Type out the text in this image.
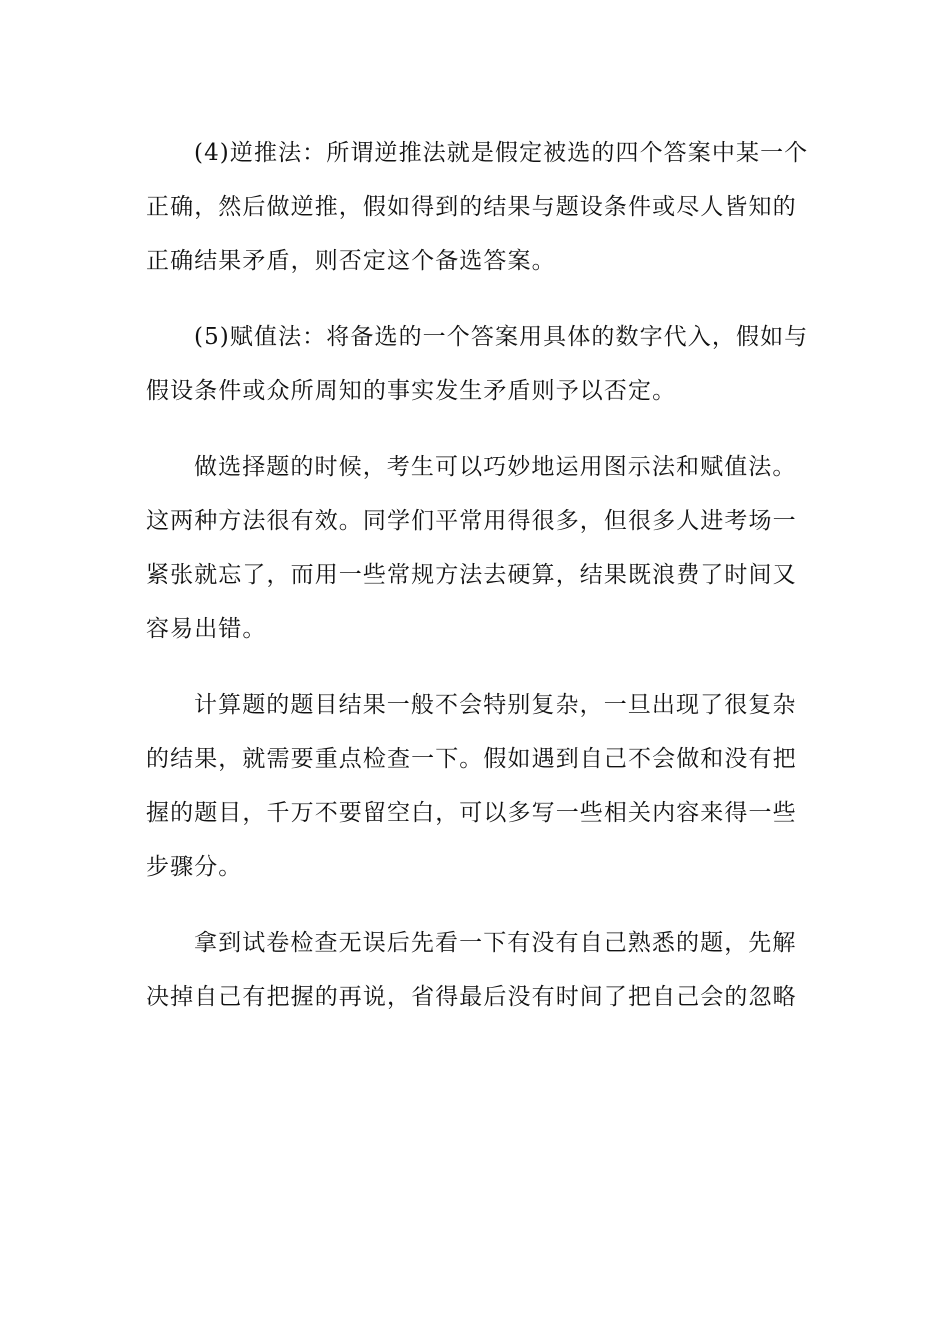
(4)逆推法：所谓逆推法就是假定被选的四个答案中某一个
正确，然后做逆推，假如得到的结果与题设条件或尽人皆知的
正确结果矛盾，则否定这个备选答案。
(5)赋值法：将备选的一个答案用具体的数字代入，假如与
假设条件或众所周知的事实发生矛盾则予以否定。
做选择题的时候，考生可以巧妙地运用图示法和赋值法。
这两种方法很有效。同学们平常用得很多，但很多人进考场一
紧张就忘了，而用一些常规方法去硬算，结果既浪费了时间又
容易出错。
计算题的题目结果一般不会特别复杂，一旦出现了很复杂
的结果，就需要重点检查一下。假如遇到自己不会做和没有把
握的题目，千万不要留空白，可以多写一些相关内容来得一些
步骤分。
拿到试卷检查无误后先看一下有没有自己熟悉的题，先解
决掉自己有把握的再说，省得最后没有时间了把自己会的忽略
